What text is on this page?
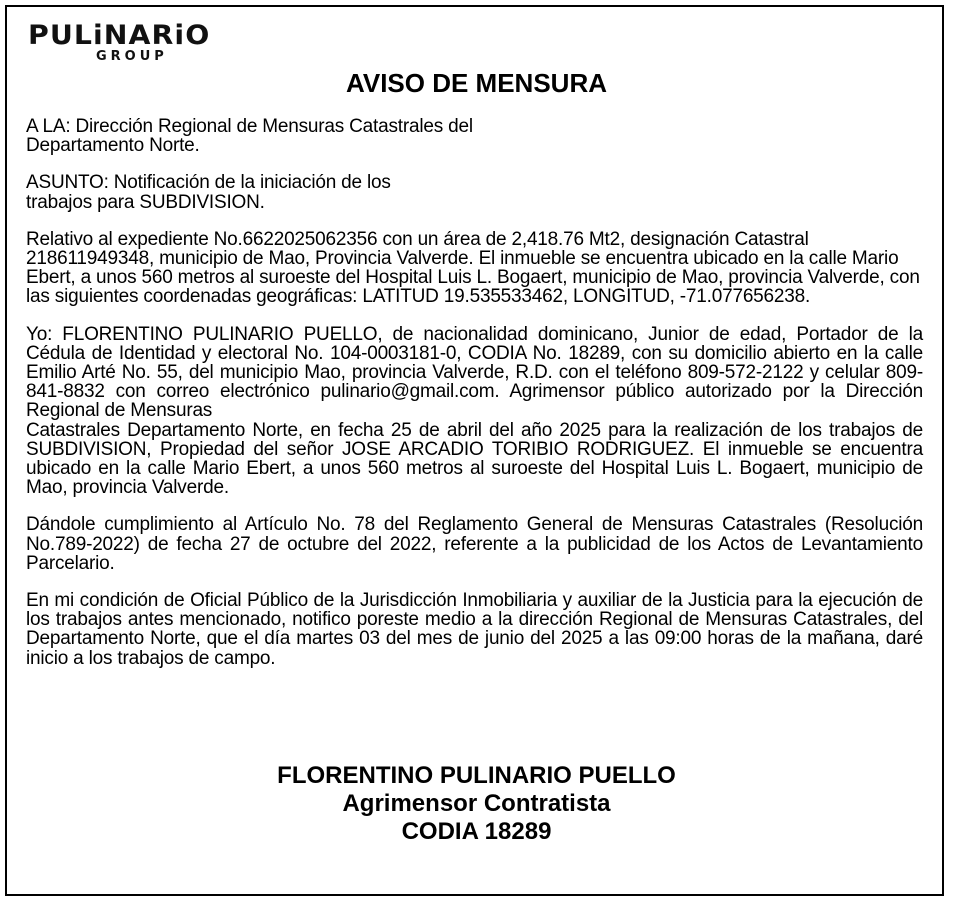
PULiNARiO
GROUP
AVISO DE MENSURA

A LA: Dirección Regional de Mensuras Catastrales del
Departamento Norte.

ASUNTO: Notificación de la iniciación de los
trabajos para SUBDIVISION.

Relativo al expediente No.6622025062356 con un área de 2,418.76 Mt2, designación Catastral 218611949348, municipio de Mao, Provincia Valverde. El inmueble se encuentra ubicado en la calle Mario Ebert, a unos 560 metros al suroeste del Hospital Luis L. Bogaert, municipio de Mao, provincia Valverde, con las siguientes coordenadas geográficas: LATITUD 19.535533462, LONGITUD, -71.077656238.

Yo: FLORENTINO PULINARIO PUELLO, de nacionalidad dominicano, Junior de edad, Portador de la Cédula de Identidad y electoral No. 104-0003181-0, CODIA No. 18289, con su domicilio abierto en la calle Emilio Arté No. 55, del municipio Mao, provincia Valverde, R.D. con el teléfono 809-572-2122 y celular 809-841-8832 con correo electrónico pulinario@gmail.com. Agrimensor público autorizado por la Dirección Regional de Mensuras
Catastrales Departamento Norte, en fecha 25 de abril del año 2025 para la realización de los trabajos de SUBDIVISION, Propiedad del señor JOSE ARCADIO TORIBIO RODRIGUEZ. El inmueble se encuentra ubicado en la calle Mario Ebert, a unos 560 metros al suroeste del Hospital Luis L. Bogaert, municipio de Mao, provincia Valverde.

Dándole cumplimiento al Artículo No. 78 del Reglamento General de Mensuras Catastrales (Resolución No.789-2022) de fecha 27 de octubre del 2022, referente a la publicidad de los Actos de Levantamiento Parcelario.

En mi condición de Oficial Público de la Jurisdicción Inmobiliaria y auxiliar de la Justicia para la ejecución de los trabajos antes mencionado, notifico poreste medio a la dirección Regional de Mensuras Catastrales, del Departamento Norte, que el día martes 03 del mes de junio del 2025 a las 09:00 horas de la mañana, daré inicio a los trabajos de campo.

FLORENTINO PULINARIO PUELLO
Agrimensor Contratista
CODIA 18289
